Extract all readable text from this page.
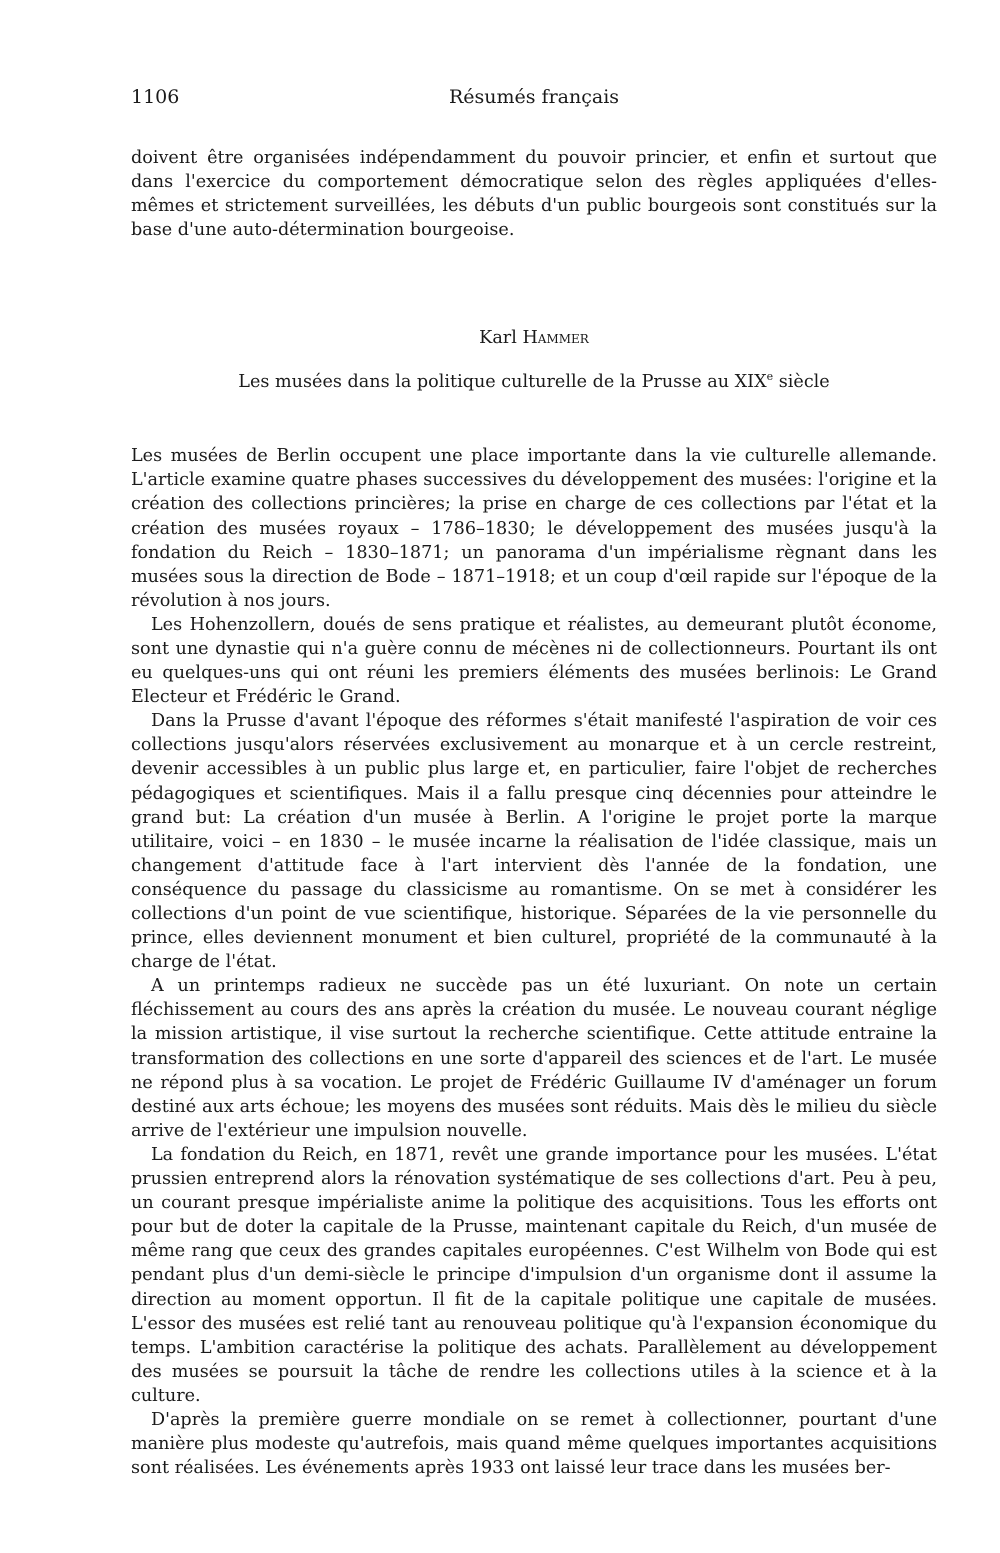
1106	Résumés français

doivent être organisées indépendamment du pouvoir princier, et enfin et surtout que dans l'exercice du comportement démocratique selon des règles appliquées d'elles-mêmes et strictement surveillées, les débuts d'un public bourgeois sont constitués sur la base d'une auto-détermination bourgeoise.

Karl Hammer
Les musées dans la politique culturelle de la Prusse au XIXe siècle

Les musées de Berlin occupent une place importante dans la vie culturelle allemande. L'article examine quatre phases successives du développement des musées: l'origine et la création des collections princières; la prise en charge de ces collections par l'état et la création des musées royaux – 1786–1830; le développement des musées jusqu'à la fondation du Reich – 1830–1871; un panorama d'un impérialisme règnant dans les musées sous la direction de Bode – 1871–1918; et un coup d'œil rapide sur l'époque de la révolution à nos jours.

Les Hohenzollern, doués de sens pratique et réalistes, au demeurant plutôt économe, sont une dynastie qui n'a guère connu de mécènes ni de collectionneurs. Pourtant ils ont eu quelques-uns qui ont réuni les premiers éléments des musées berlinois: Le Grand Electeur et Frédéric le Grand.

Dans la Prusse d'avant l'époque des réformes s'était manifesté l'aspiration de voir ces collections jusqu'alors réservées exclusivement au monarque et à un cercle restreint, devenir accessibles à un public plus large et, en particulier, faire l'objet de recherches pédagogiques et scientifiques. Mais il a fallu presque cinq décennies pour atteindre le grand but: La création d'un musée à Berlin. A l'origine le projet porte la marque utilitaire, voici – en 1830 – le musée incarne la réalisation de l'idée classique, mais un changement d'attitude face à l'art intervient dès l'année de la fondation, une conséquence du passage du classicisme au romantisme. On se met à considérer les collections d'un point de vue scientifique, historique. Séparées de la vie personnelle du prince, elles deviennent monument et bien culturel, propriété de la communauté à la charge de l'état.

A un printemps radieux ne succède pas un été luxuriant. On note un certain fléchissement au cours des ans après la création du musée. Le nouveau courant néglige la mission artistique, il vise surtout la recherche scientifique. Cette attitude entraine la transformation des collections en une sorte d'appareil des sciences et de l'art. Le musée ne répond plus à sa vocation. Le projet de Frédéric Guillaume IV d'aménager un forum destiné aux arts échoue; les moyens des musées sont réduits. Mais dès le milieu du siècle arrive de l'extérieur une impulsion nouvelle.

La fondation du Reich, en 1871, revêt une grande importance pour les musées. L'état prussien entreprend alors la rénovation systématique de ses collections d'art. Peu à peu, un courant presque impérialiste anime la politique des acquisitions. Tous les efforts ont pour but de doter la capitale de la Prusse, maintenant capitale du Reich, d'un musée de même rang que ceux des grandes capitales européennes. C'est Wilhelm von Bode qui est pendant plus d'un demi-siècle le principe d'impulsion d'un organisme dont il assume la direction au moment opportun. Il fit de la capitale politique une capitale de musées. L'essor des musées est relié tant au renouveau politique qu'à l'expansion économique du temps. L'ambition caractérise la politique des achats. Parallèlement au développement des musées se poursuit la tâche de rendre les collections utiles à la science et à la culture.

D'après la première guerre mondiale on se remet à collectionner, pourtant d'une manière plus modeste qu'autrefois, mais quand même quelques importantes acquisitions sont réalisées. Les événements après 1933 ont laissé leur trace dans les musées ber-
